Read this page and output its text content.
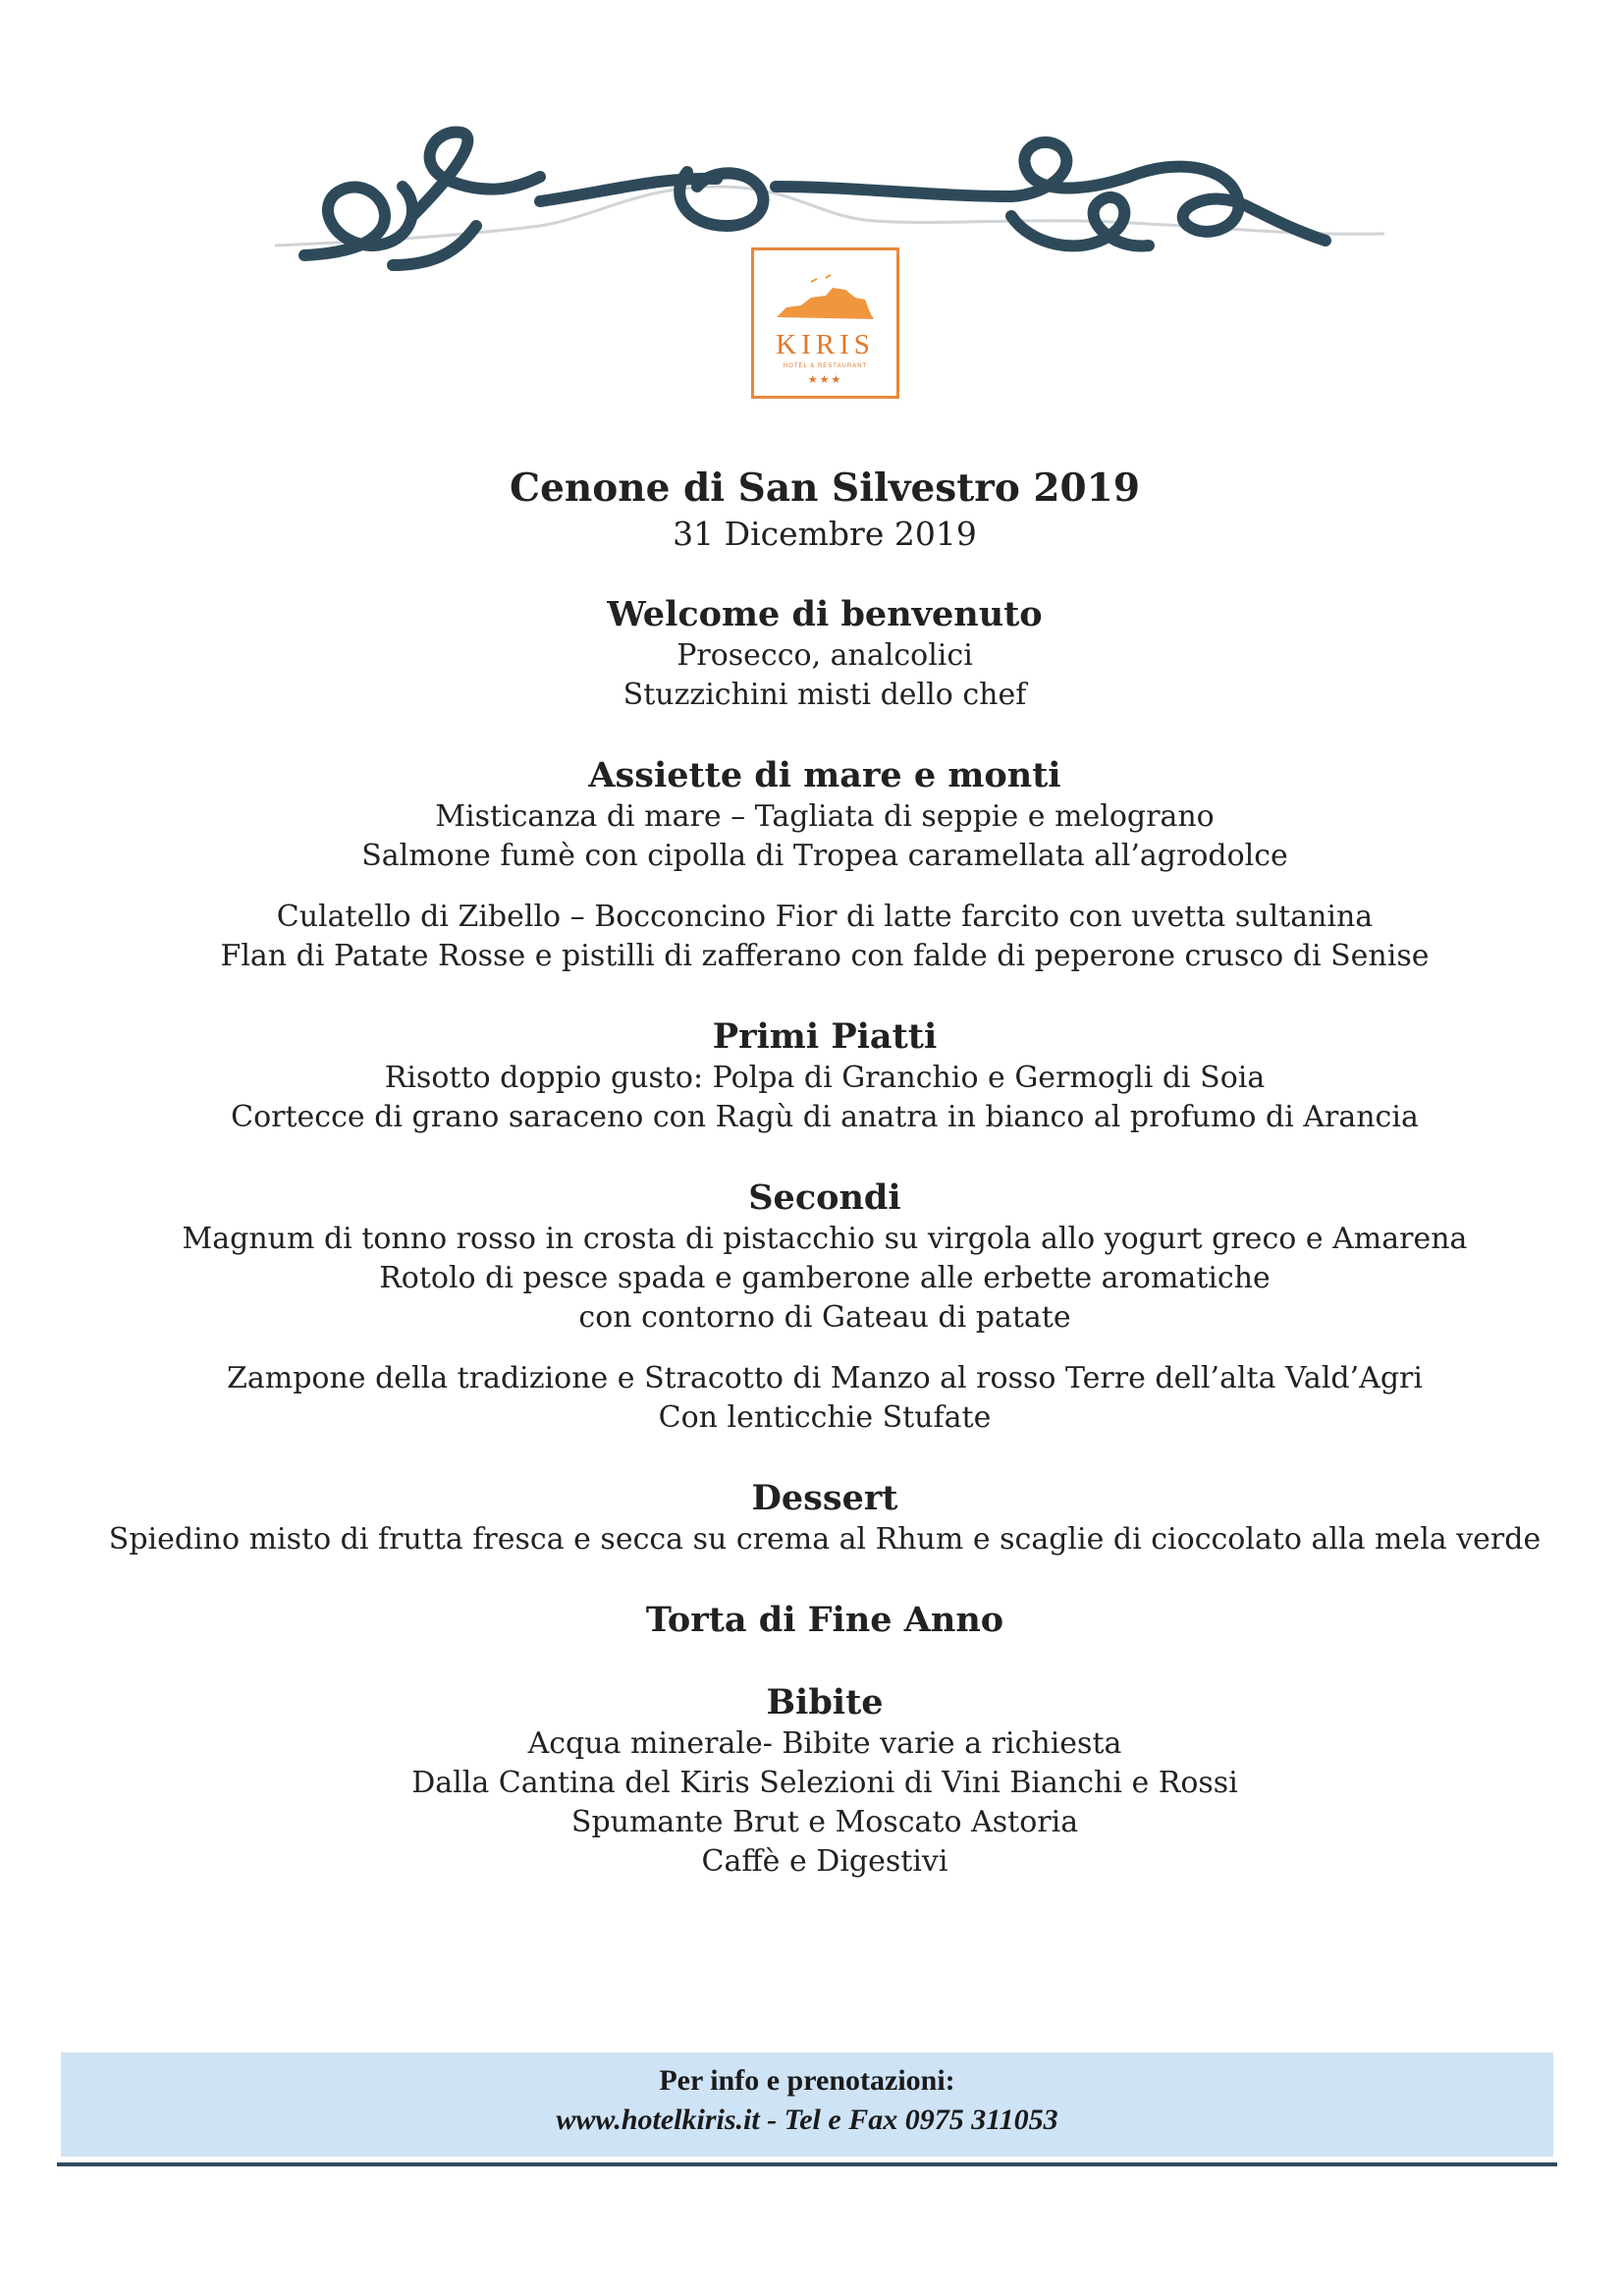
KIRIS
HOTEL & RESTAURANT
★★★
Cenone di San Silvestro 2019
31 Dicembre 2019
Welcome di benvenuto
Prosecco, analcolici
Stuzzichini misti dello chef
Assiette di mare e monti
Misticanza di mare – Tagliata di seppie e melograno
Salmone fumè con cipolla di Tropea caramellata all’agrodolce
Culatello di Zibello – Bocconcino Fior di latte farcito con uvetta sultanina
Flan di Patate Rosse e pistilli di zafferano con falde di peperone crusco di Senise
Primi Piatti
Risotto doppio gusto: Polpa di Granchio e Germogli di Soia
Cortecce di grano saraceno con Ragù di anatra in bianco al profumo di Arancia
Secondi
Magnum di tonno rosso in crosta di pistacchio su virgola allo yogurt greco e Amarena
Rotolo di pesce spada e gamberone alle erbette aromatiche
con contorno di Gateau di patate
Zampone della tradizione e Stracotto di Manzo al rosso Terre dell’alta Vald’Agri
Con lenticchie Stufate
Dessert
Spiedino misto di frutta fresca e secca su crema al Rhum e scaglie di cioccolato alla mela verde
Torta di Fine Anno
Bibite
Acqua minerale- Bibite varie a richiesta
Dalla Cantina del Kiris Selezioni di Vini Bianchi e Rossi
Spumante Brut e Moscato Astoria
Caffè e Digestivi
Per info e prenotazioni:
www.hotelkiris.it - Tel e Fax 0975 311053
